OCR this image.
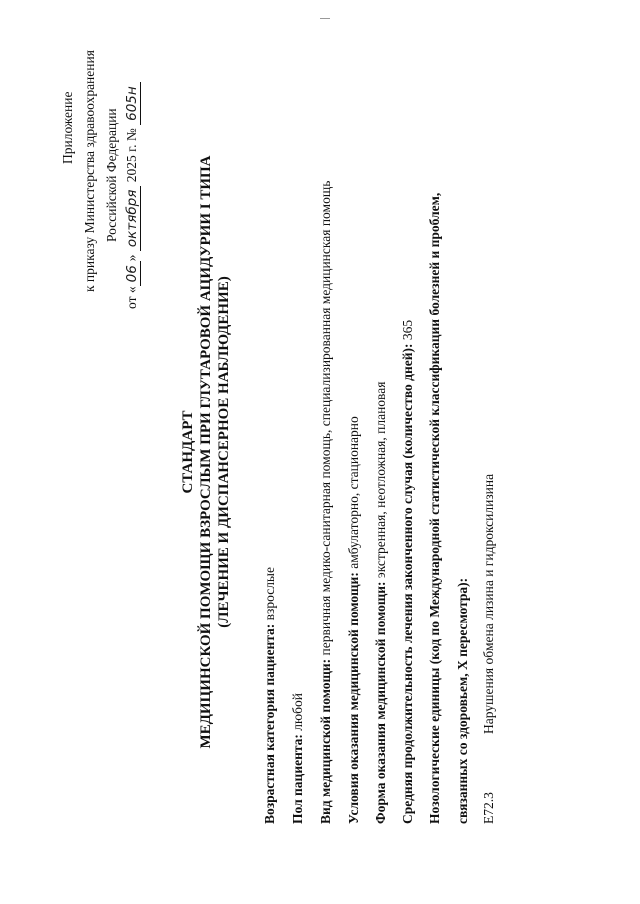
Приложение к приказу Министерства здравоохранения Российской Федерации
от «06» октября 2025 г. № 605н
СТАНДАРТ МЕДИЦИНСКОЙ ПОМОЩИ ВЗРОСЛЫМ ПРИ ГЛУТАРОВОЙ АЦИДУРИИ I ТИПА (ЛЕЧЕНИЕ И ДИСПАНСЕРНОЕ НАБЛЮДЕНИЕ)
Возрастная категория пациента: взрослые
Пол пациента: любой Вид медицинской помощи: первичная медико-санитарная помощь, специализированная медицинская помощь
Условия оказания медицинской помощи: амбулаторно, стационарно
Форма оказания медицинской помощи: экстренная, неотложная, плановая Средняя продолжительность лечения законченного случая (количество дней): 365 Нозологические единицы (код по Международной статистической классификации болезней и проблем, связанных со здоровьем, X пересмотра): E72.3
Нарушения обмена лизина и гидроксилизина
